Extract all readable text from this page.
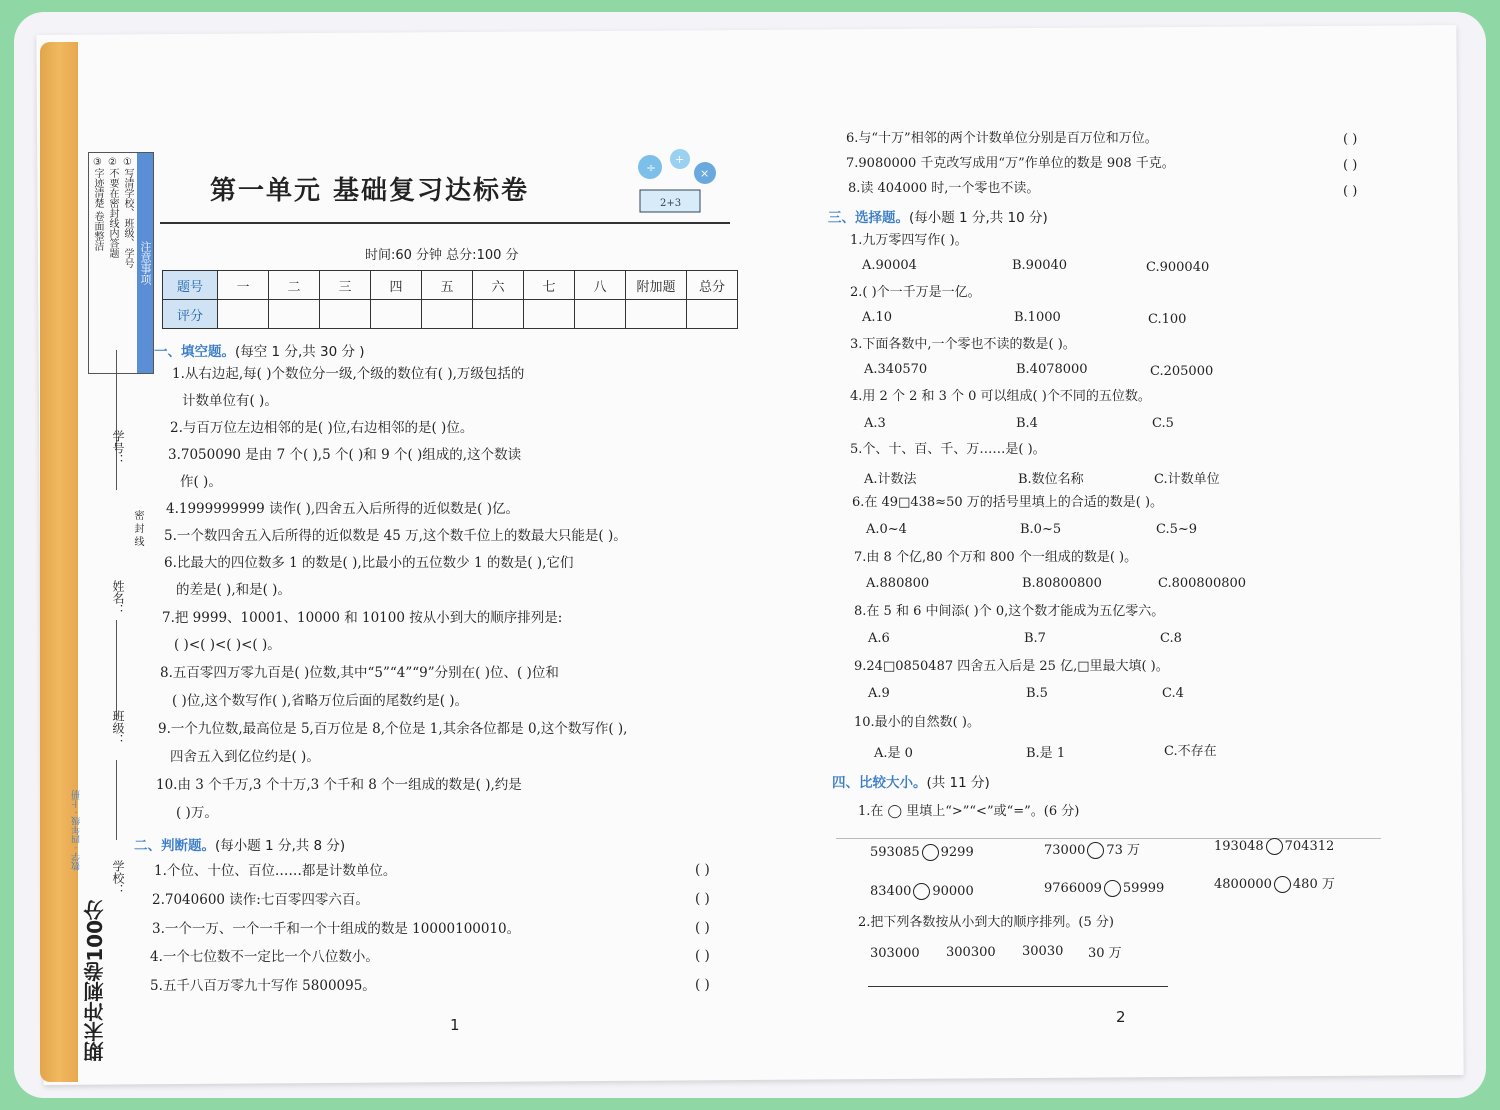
注意事项
①写清学校、班级、学号
②不要在密封线内答题
③字迹清楚 卷面整洁
学号：
密 封 线
姓名：
班级：
学校：
数学 · 四年级 · 上册
期末冲刺卷100分
第一单元 基础复习达标卷
÷
+
×
2+3
时间:60 分钟 总分:100 分
题号	一	二	三	四	五	六	七	八	附加题	总分
评分										
一、填空题。(每空 1 分,共 30 分 )
1.从右边起,每( )个数位分一级,个级的数位有( ),万级包括的
计数单位有( )。
2.与百万位左边相邻的是( )位,右边相邻的是( )位。
3.7050090 是由 7 个( ),5 个( )和 9 个( )组成的,这个数读
作( )。
4.1999999999 读作( ),四舍五入后所得的近似数是( )亿。
5.一个数四舍五入后所得的近似数是 45 万,这个数千位上的数最大只能是( )。
6.比最大的四位数多 1 的数是( ),比最小的五位数少 1 的数是( ),它们
的差是( ),和是( )。
7.把 9999、10001、10000 和 10100 按从小到大的顺序排列是:
( )<( )<( )<( )。
8.五百零四万零九百是( )位数,其中“5”“4”“9”分别在( )位、( )位和
( )位,这个数写作( ),省略万位后面的尾数约是( )。
9.一个九位数,最高位是 5,百万位是 8,个位是 1,其余各位都是 0,这个数写作( ),
四舍五入到亿位约是( )。
10.由 3 个千万,3 个十万,3 个千和 8 个一组成的数是( ),约是
( )万。
二、判断题。(每小题 1 分,共 8 分)
1.个位、十位、百位……都是计数单位。	( )
2.7040600 读作:七百零四零六百。	( )
3.一个一万、一个一千和一个十组成的数是 10000100010。	( )
4.一个七位数不一定比一个八位数小。	( )
5.五千八百万零九十写作 5800095。	( )
1
6.与“十万”相邻的两个计数单位分别是百万位和万位。	( )
7.9080000 千克改写成用“万”作单位的数是 908 千克。	( )
8.读 404000 时,一个零也不读。	( )
三、选择题。(每小题 1 分,共 10 分)
1.九万零四写作( )。
A.90004	B.90040	C.900040
2.( )个一千万是一亿。
A.10	B.1000	C.100
3.下面各数中,一个零也不读的数是( )。
A.340570	B.4078000	C.205000
4.用 2 个 2 和 3 个 0 可以组成( )个不同的五位数。
A.3	B.4	C.5
5.个、十、百、千、万……是( )。
A.计数法	B.数位名称	C.计数单位
6.在 49□438≈50 万的括号里填上的合适的数是( )。
A.0~4	B.0~5	C.5~9
7.由 8 个亿,80 个万和 800 个一组成的数是( )。
A.880800	B.80800800	C.800800800
8.在 5 和 6 中间添( )个 0,这个数才能成为五亿零六。
A.6	B.7	C.8
9.24□0850487 四舍五入后是 25 亿,□里最大填( )。
A.9	B.5	C.4
10.最小的自然数( )。
A.是 0	B.是 1	C.不存在
四、比较大小。(共 11 分)
1.在 ◯ 里填上“>”“<”或“=”。(6 分)
593085 9299	73000 73 万	193048 704312
83400 90000	9766009 59999	4800000 480 万
2.把下列各数按从小到大的顺序排列。(5 分)
303000 300300 30030 30 万
2
